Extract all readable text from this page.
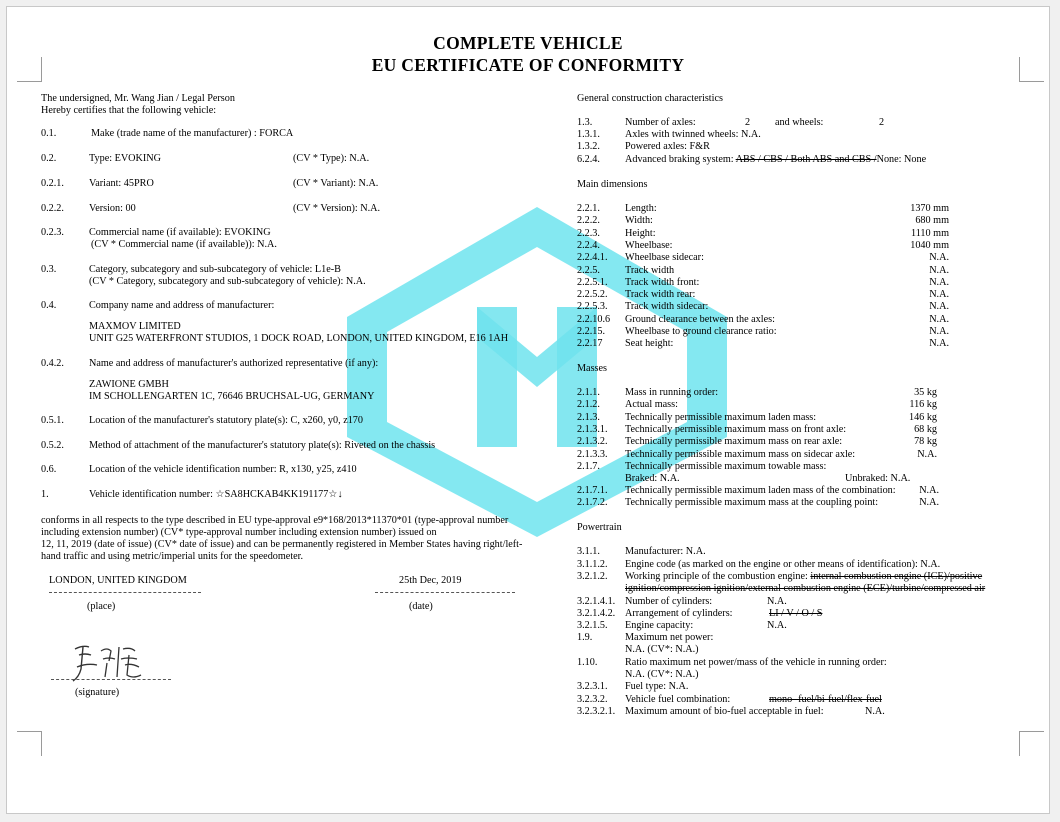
COMPLETE VEHICLE
EU CERTIFICATE OF CONFORMITY
The undersigned, Mr. Wang Jian / Legal Person
Hereby certifies that the following vehicle:
0.1.	Make (trade name of the manufacturer) : FORCA
0.2.	Type: EVOKING	(CV * Type): N.A.
0.2.1. Variant: 45PRO	(CV * Variant): N.A.
0.2.2. Version: 00	(CV * Version): N.A.
0.2.3. Commercial name (if available): EVOKING
(CV * Commercial name (if available)): N.A.
0.3.	Category, subcategory and sub-subcategory of vehicle: L1e-B
(CV * Category, subcategory and sub-subcategory of vehicle): N.A.
0.4.	Company name and address of manufacturer:
MAXMOV LIMITED
UNIT G25 WATERFRONT STUDIOS, 1 DOCK ROAD, LONDON, UNITED KINGDOM, E16 1AH
0.4.2. Name and address of manufacturer's authorized representative (if any):
ZAWIONE GMBH
IM SCHOLLENGARTEN 1C, 76646 BRUCHSAL-UG, GERMANY
0.5.1. Location of the manufacturer's statutory plate(s): C, x260, y0, z170
0.5.2. Method of attachment of the manufacturer's statutory plate(s): Riveted on the chassis
0.6.	Location of the vehicle identification number: R, x130, y25, z410
1.	Vehicle identification number: ☆SA8HCKAB4KK191177☆↓
conforms in all respects to the type described in EU type-approval e9*168/2013*11370*01 (type-approval number
including extension number) (CV* type-approval number including extension number) issued on
12, 11, 2019 (date of issue) (CV* date of issue) and can be permanently registered in Member States having right/left-
hand traffic and using metric/imperial units for the speedometer.
LONDON, UNITED KINGDOM	25th Dec, 2019
(place)	(date)
(signature)
General construction characteristics
1.3.	Number of axles:	2 and wheels:	2
1.3.1. Axles with twinned wheels: N.A.
1.3.2. Powered axles: F&R
6.2.4. Advanced braking system: ABS / CBS / Both ABS and CBS /None: None
Main dimensions
Masses
Braked: N.A.	Unbraked: N.A.
Powertrain
3.1.1. Manufacturer: N.A.
3.1.1.2. Engine code (as marked on the engine or other means of identification): N.A.
3.2.1.2. Working principle of the combustion engine: internal combustion engine (ICE)/positive
ignition/compression ignition/external combustion engine (ECE)/turbine/compressed air
3.2.1.4.1. Number of cylinders:	N.A.
3.2.1.4.2. Arrangement of cylinders:	LI / V / O / S
3.2.1.5. Engine capacity:	N.A.
1.9.	Maximum net power:
N.A. (CV*: N.A.)
1.10.	Ratio maximum net power/mass of the vehicle in running order:
N.A. (CV*: N.A.)
3.2.3.1. Fuel type: N.A.
3.2.3.2. Vehicle fuel combination:	mono- fuel/bi-fuel/flex-fuel
3.2.3.2.1. Maximum amount of bio-fuel acceptable in fuel:	N.A.
2.2.1. Length:	1370 mm
2.2.2. Width:	680 mm
2.2.3. Height:	1110 mm
2.2.4. Wheelbase:	1040 mm
2.2.4.1. Wheelbase sidecar:	N.A.
2.2.5. Track width	N.A.
2.2.5.1. Track width front:	N.A.
2.2.5.2. Track width rear:	N.A.
2.2.5.3. Track width sidecar:	N.A.
2.2.10.6 Ground clearance between the axles:	N.A.
2.2.15. Wheelbase to ground clearance ratio:	N.A.
2.2.17 Seat height:	N.A.
2.1.1. Mass in running order:	35 kg
2.1.2. Actual mass:	116 kg
2.1.3. Technically permissible maximum laden mass:	146 kg
2.1.3.1. Technically permissible maximum mass on front axle:	68 kg
2.1.3.2. Technically permissible maximum mass on rear axle:	78 kg
2.1.3.3. Technically permissible maximum mass on sidecar axle:	N.A.
2.1.7. Technically permissible maximum towable mass:
2.1.7.1. Technically permissible maximum laden mass of the combination:	N.A.
2.1.7.2. Technically permissible maximum mass at the coupling point:	N.A.
